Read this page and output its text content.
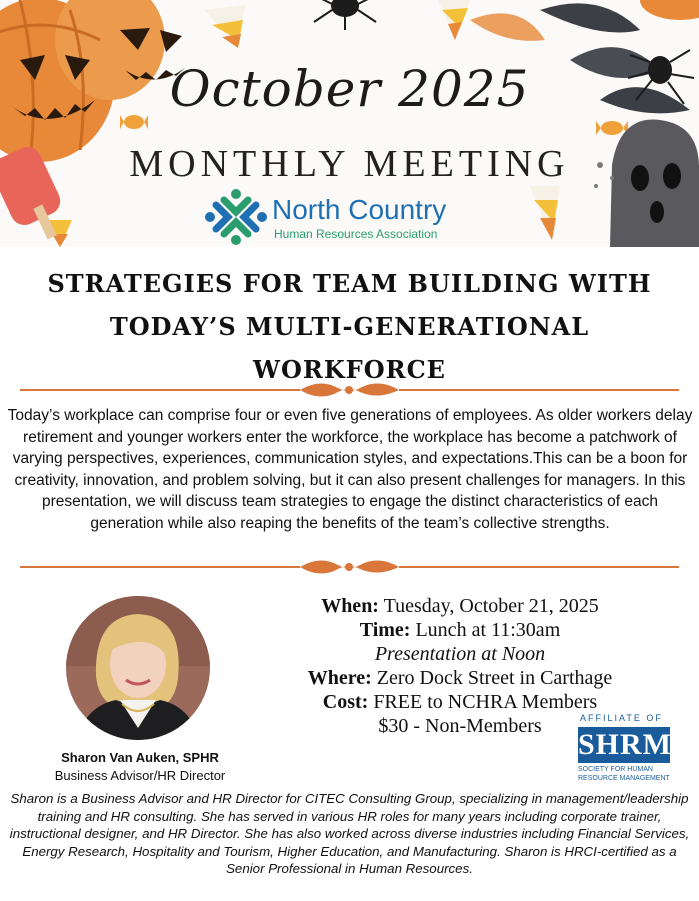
October 2025
MONTHLY MEETING
North Country
Human Resources Association
STRATEGIES FOR TEAM BUILDING WITH
TODAY’S MULTI-GENERATIONAL
WORKFORCE
Today’s workplace can comprise four or even five generations of employees. As older workers delay retirement and younger workers enter the workforce, the workplace has become a patchwork of varying perspectives, experiences, communication styles, and expectations.This can be a boon for creativity, innovation, and problem solving, but it can also present challenges for managers. In this presentation, we will discuss team strategies to engage the distinct characteristics of each generation while also reaping the benefits of the team’s collective strengths.
Sharon Van Auken, SPHR
Business Advisor/HR Director
When: Tuesday, October 21, 2025
Time: Lunch at 11:30am
Presentation at Noon
Where: Zero Dock Street in Carthage
Cost: FREE to NCHRA Members
$30 - Non-Members	AFFILIATE OF
SHRM
SOCIETY FOR HUMAN RESOURCE MANAGEMENT
Sharon is a Business Advisor and HR Director for CITEC Consulting Group, specializing in management/leadership training and HR consulting. She has served in various HR roles for many years including corporate trainer, instructional designer, and HR Director. She has also worked across diverse industries including Financial Services, Energy Research, Hospitality and Tourism, Higher Education, and Manufacturing. Sharon is HRCI-certified as a Senior Professional in Human Resources.
